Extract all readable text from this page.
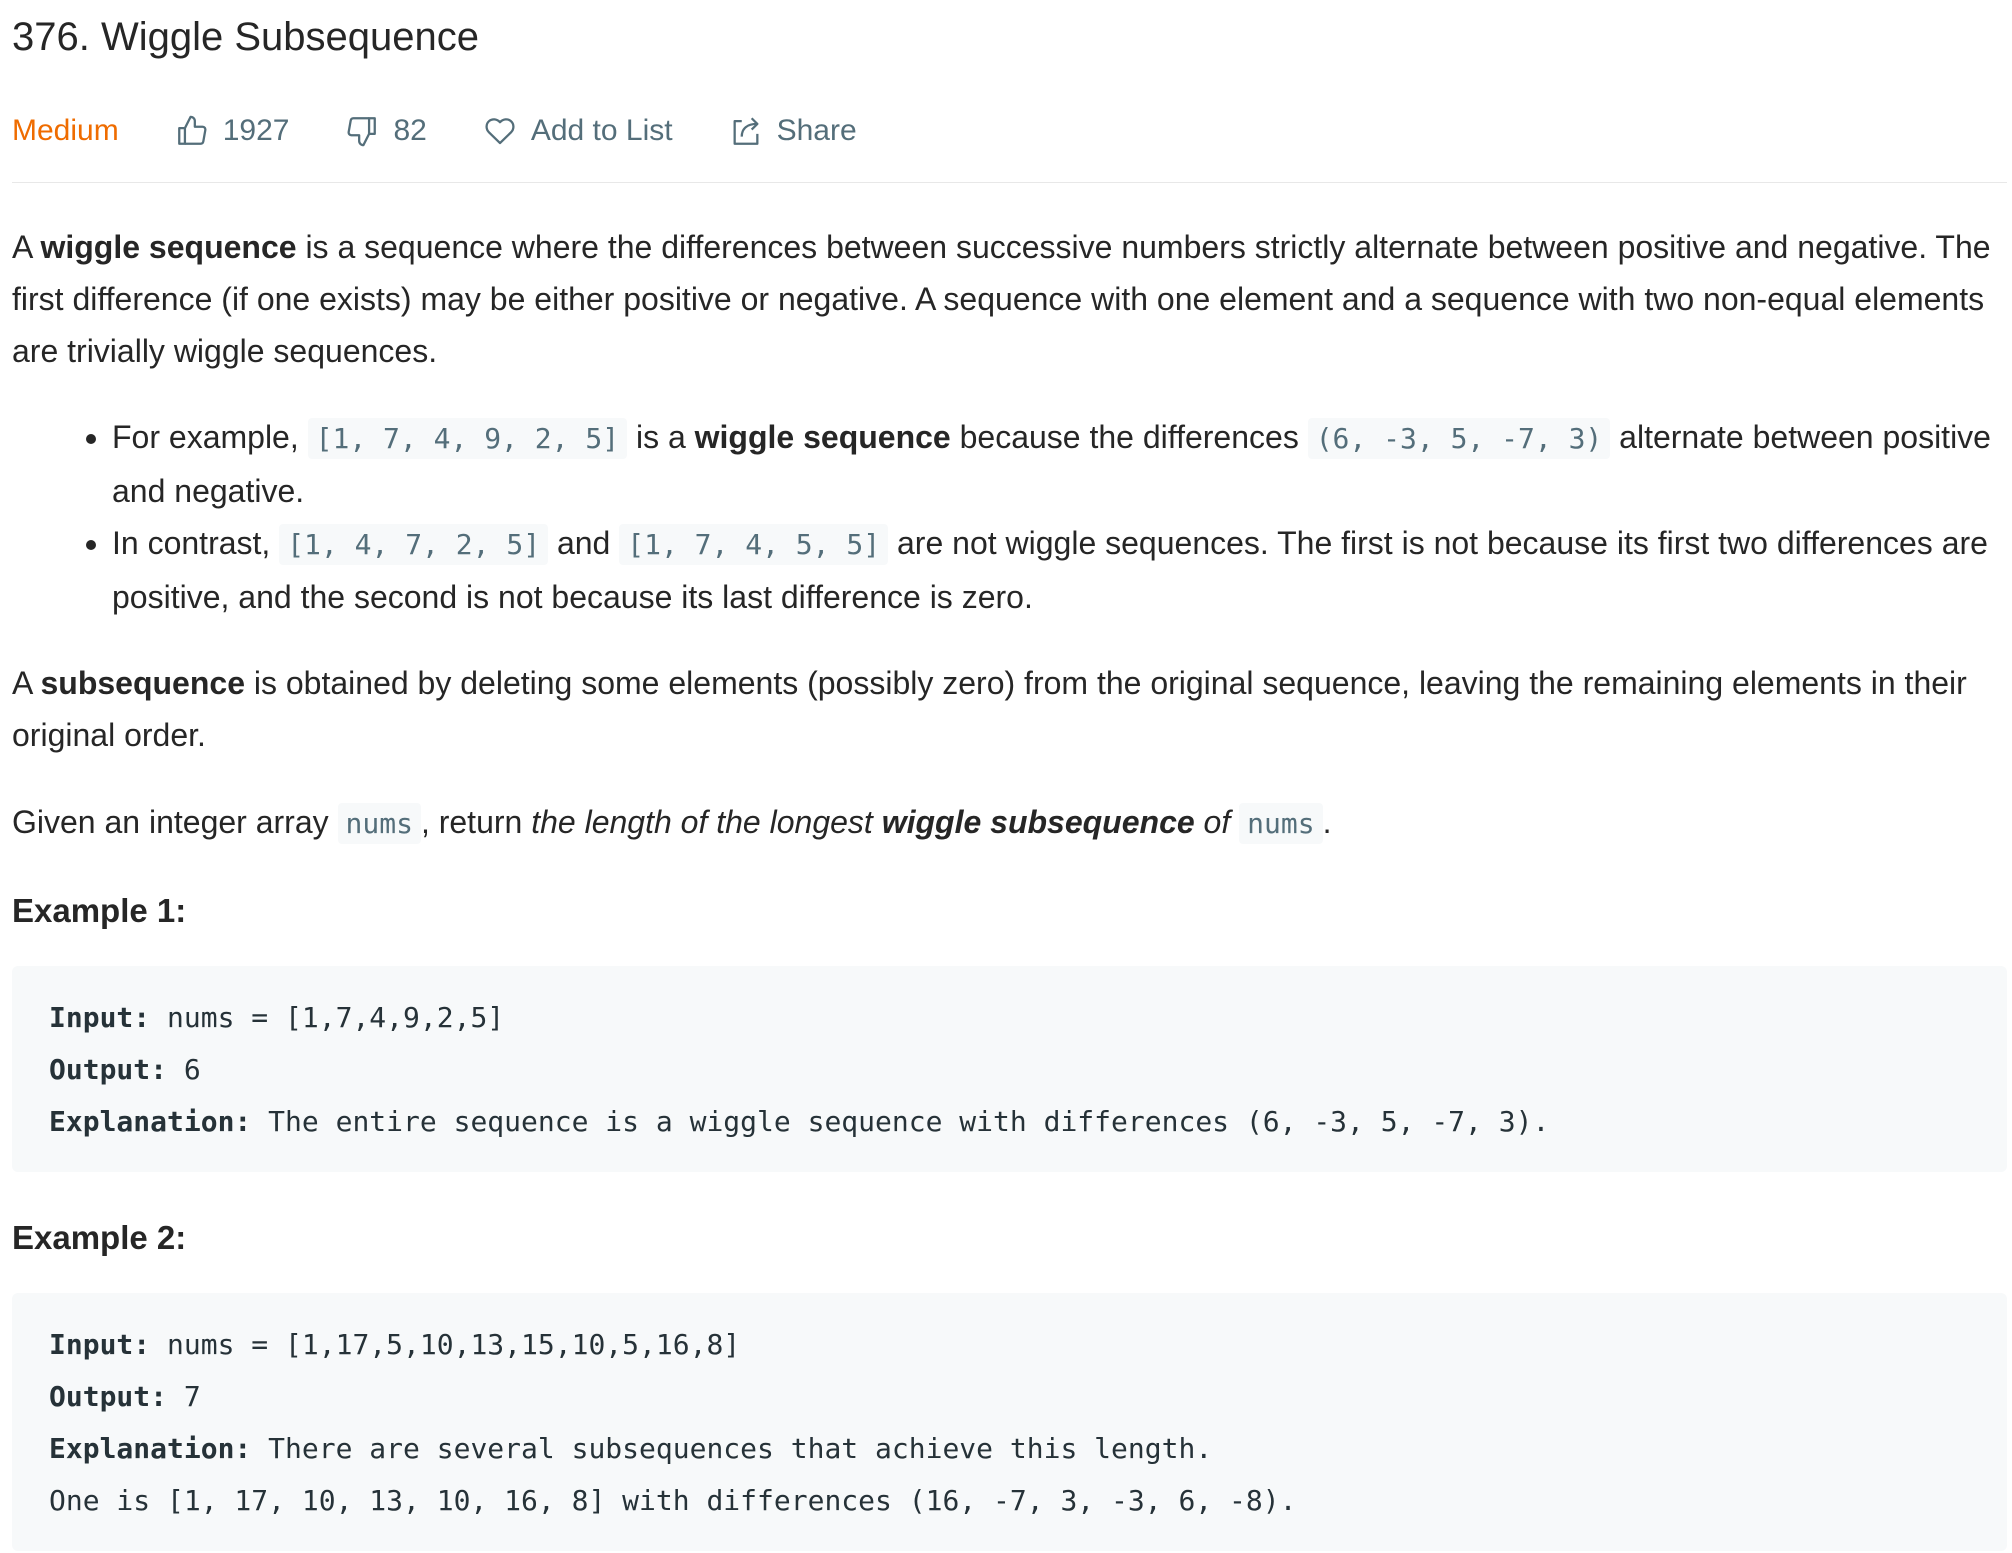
376. Wiggle Subsequence
Medium	1927	82	Add to List	Share

A wiggle sequence is a sequence where the differences between successive numbers strictly alternate between positive and negative. The first difference (if one exists) may be either positive or negative. A sequence with one element and a sequence with two non-equal elements are trivially wiggle sequences.

• For example, [1, 7, 4, 9, 2, 5] is a wiggle sequence because the differences (6, -3, 5, -7, 3) alternate between positive and negative.
• In contrast, [1, 4, 7, 2, 5] and [1, 7, 4, 5, 5] are not wiggle sequences. The first is not because its first two differences are positive, and the second is not because its last difference is zero.

A subsequence is obtained by deleting some elements (possibly zero) from the original sequence, leaving the remaining elements in their original order.

Given an integer array nums , return the length of the longest wiggle subsequence of nums .

Example 1:

Input: nums = [1,7,4,9,2,5]
Output: 6
Explanation: The entire sequence is a wiggle sequence with differences (6, -3, 5, -7, 3).

Example 2:

Input: nums = [1,17,5,10,13,15,10,5,16,8]
Output: 7
Explanation: There are several subsequences that achieve this length.
One is [1, 17, 10, 13, 10, 16, 8] with differences (16, -7, 3, -3, 6, -8).
